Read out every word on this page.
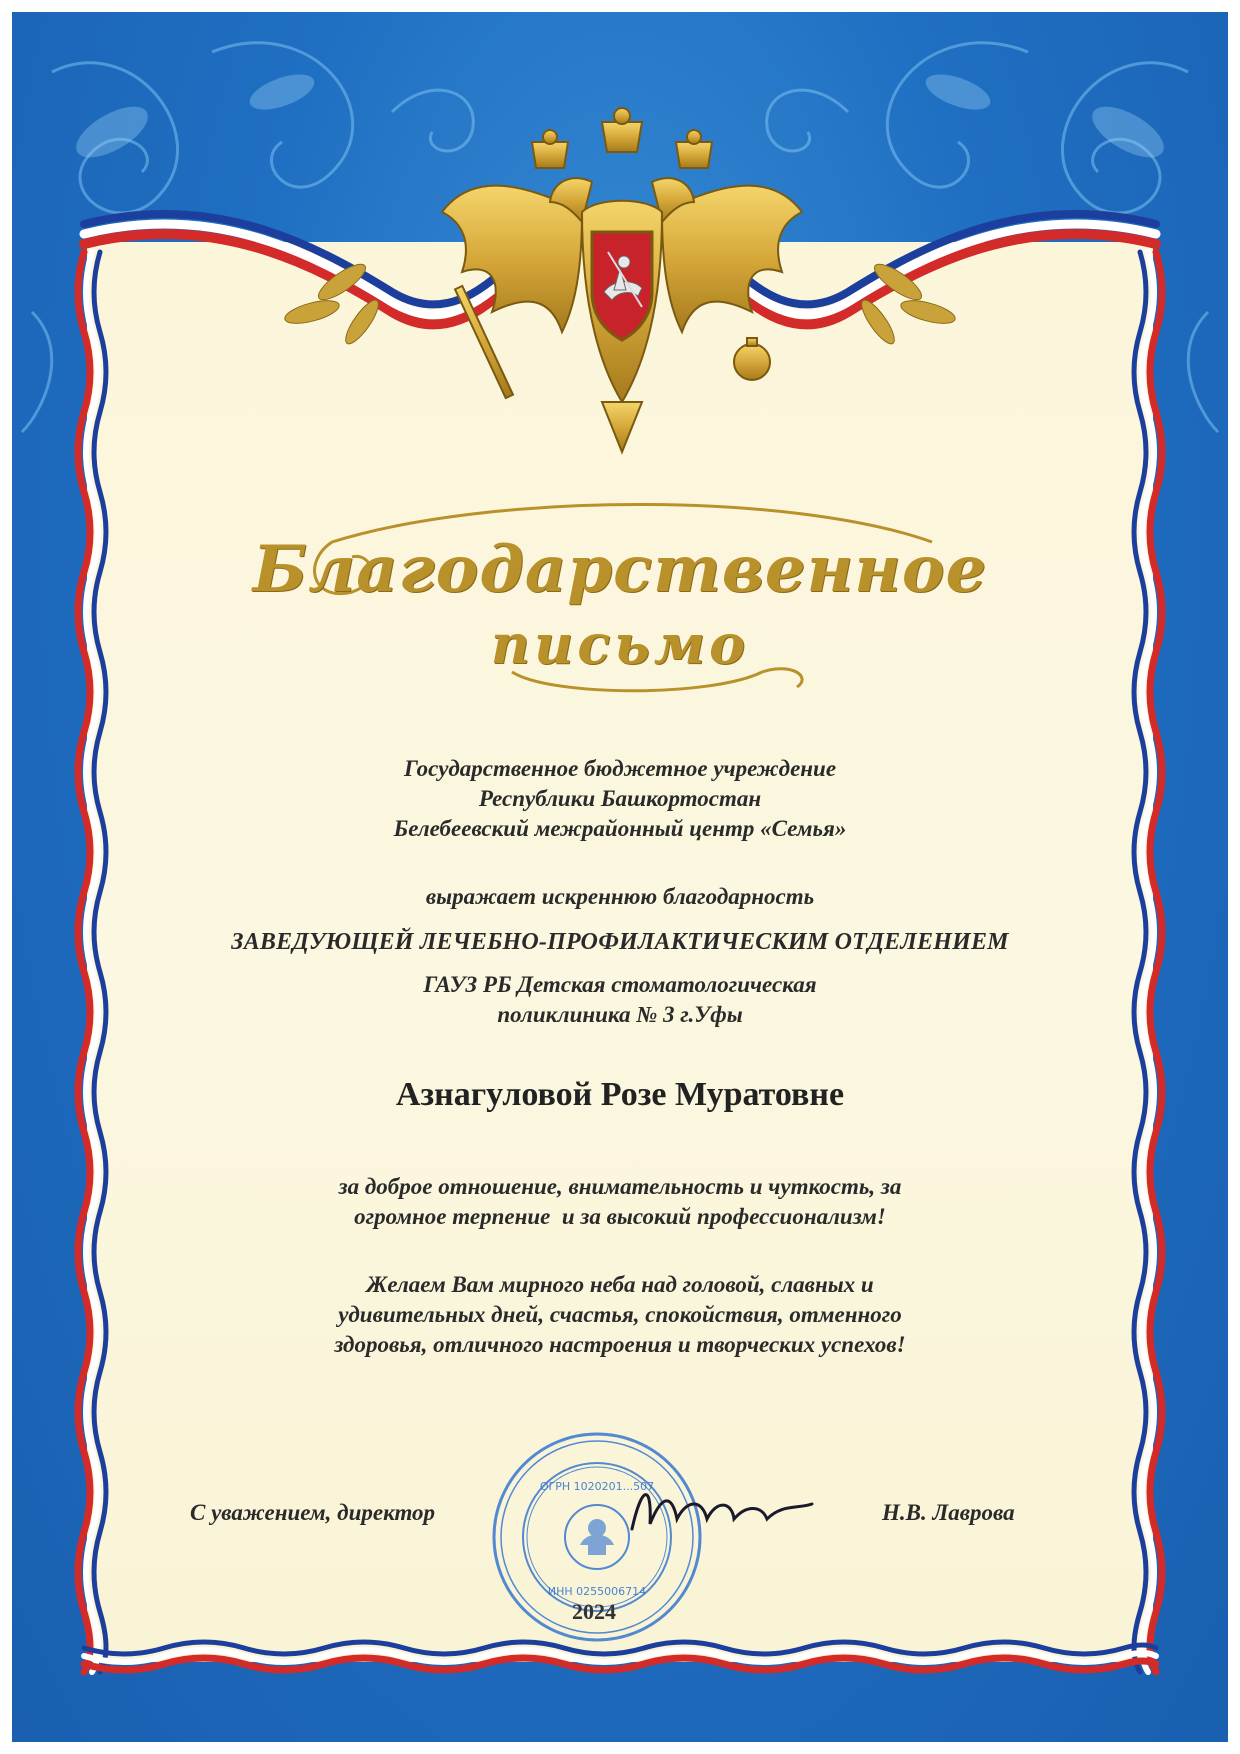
Благодарственное
письмо
Государственное бюджетное учреждение
Республики Башкортостан
Белебеевский межрайонный центр «Семья»
выражает искреннюю благодарность
ЗАВЕДУЮЩЕЙ ЛЕЧЕБНО-ПРОФИЛАКТИЧЕСКИМ ОТДЕЛЕНИЕМ
ГАУЗ РБ Детская стоматологическая
поликлиника № 3 г.Уфы
Азнагуловой Розе Муратовне
за доброе отношение, внимательность и чуткость, за
огромное терпение  и за высокий профессионализм!
Желаем Вам мирного неба над головой, славных и
удивительных дней, счастья, спокойствия, отменного
здоровья, отличного настроения и творческих успехов!
ОГРН 1020201...507
ИНН 0255006714
С уважением, директор	Н.В. Лаврова
2024
